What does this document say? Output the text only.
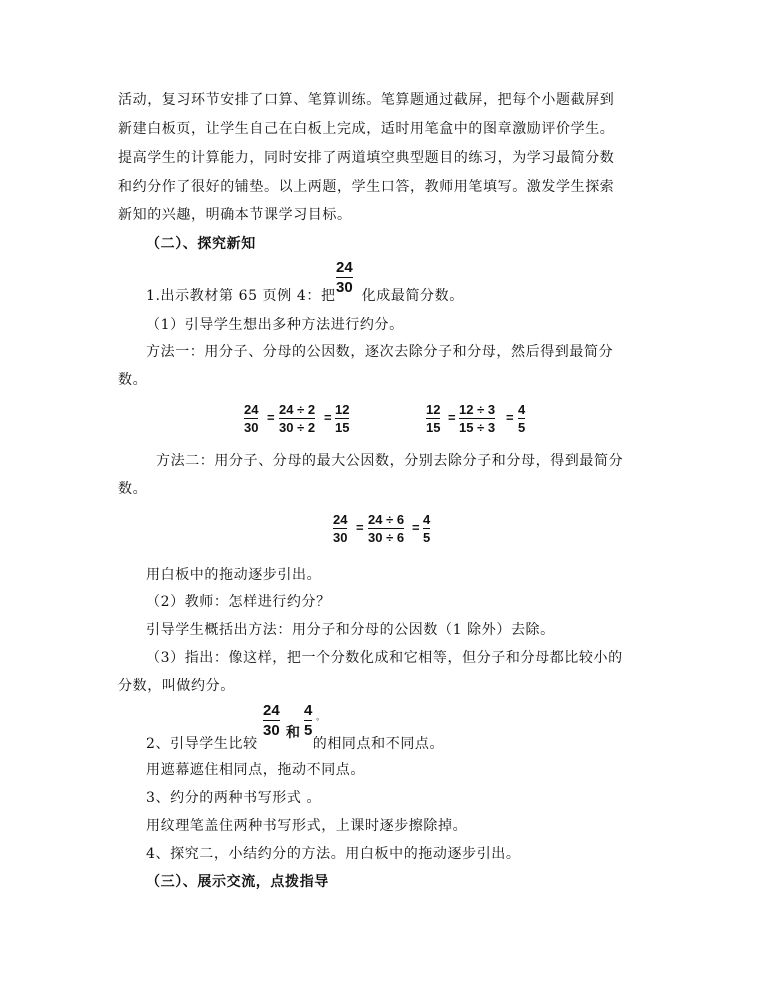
活动，复习环节安排了口算、笔算训练。笔算题通过截屏，把每个小题截屏到
新建白板页，让学生自己在白板上完成，适时用笔盒中的图章激励评价学生。
提高学生的计算能力，同时安排了两道填空典型题目的练习，为学习最简分数
和约分作了很好的铺垫。以上两题，学生口答，教师用笔填写。激发学生探索
新知的兴趣，明确本节课学习目标。
（二）、探究新知
1.出示教材第 65 页例 4：把 化成最简分数。
24
30
（1）引导学生想出多种方法进行约分。
方法一：用分子、分母的公因数，逐次去除分子和分母，然后得到最简分
数。
24
30
=
24 ÷ 2
30 ÷ 2
=
12
15
12
15
=
12 ÷ 3
15 ÷ 3
=
4
5
方法二：用分子、分母的最大公因数，分别去除分子和分母，得到最简分
数。
24
30
=
24 ÷ 6
30 ÷ 6
=
4
5
用白板中的拖动逐步引出。
（2）教师：怎样进行约分？
引导学生概括出方法：用分子和分母的公因数（1 除外）去除。
（3）指出：像这样，把一个分数化成和它相等，但分子和分母都比较小的
分数，叫做约分。
2、引导学生比较	的相同点和不同点。
24
30 和
4
5
◦
用遮幕遮住相同点，拖动不同点。
3、约分的两种书写形式 。
用纹理笔盖住两种书写形式，上课时逐步擦除掉。
4、探究二，小结约分的方法。用白板中的拖动逐步引出。
（三）、展示交流，点拨指导
